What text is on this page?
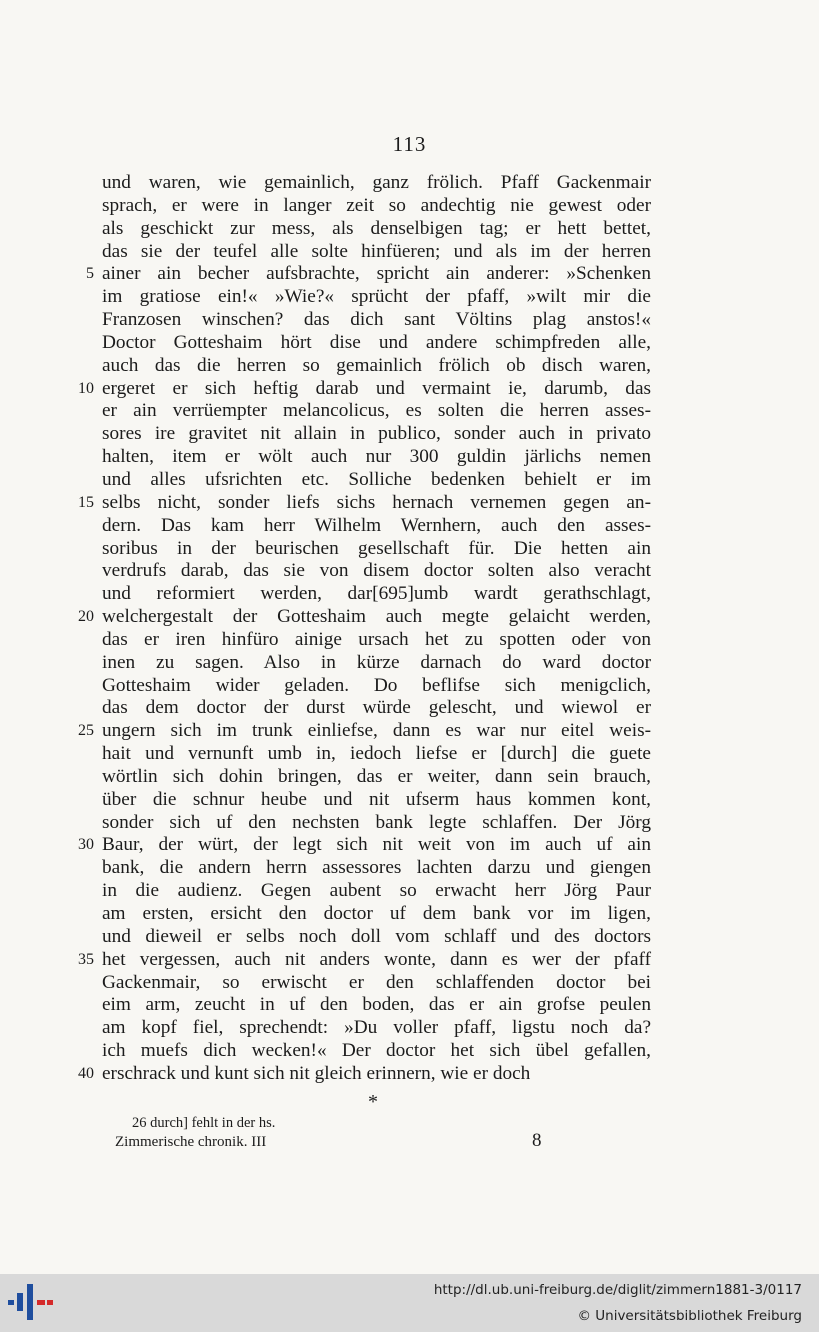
113
und waren, wie gemainlich, ganz frölich. Pfaff Gackenmair
sprach, er were in langer zeit so andechtig nie gewest oder
als geschickt zur mess, als denselbigen tag; er hett bettet,
das sie der teufel alle solte hinfüeren; und als im der herren
5 ainer ain becher aufsbrachte, spricht ain anderer: »Schenken
im gratiose ein!« »Wie?« sprücht der pfaff, »wilt mir die
Franzosen winschen? das dich sant Völtins plag anstos!«
Doctor Gotteshaim hört dise und andere schimpfreden alle,
auch das die herren so gemainlich frölich ob disch waren,
10 ergeret er sich heftig darab und vermaint ie, darumb, das
er ain verrüempter melancolicus, es solten die herren asses-
sores ire gravitet nit allain in publico, sonder auch in privato
halten, item er wölt auch nur 300 guldin järlichs nemen
und alles ufsrichten etc. Solliche bedenken behielt er im
15 selbs nicht, sonder liefs sichs hernach vernemen gegen an-
dern. Das kam herr Wilhelm Wernhern, auch den asses-
soribus in der beurischen gesellschaft für. Die hetten ain
verdrufs darab, das sie von disem doctor solten also veracht
und reformiert werden, dar[695]umb wardt gerathschlagt,
20 welchergestalt der Gotteshaim auch megte gelaicht werden,
das er iren hinfüro ainige ursach het zu spotten oder von
inen zu sagen. Also in kürze darnach do ward doctor
Gotteshaim wider geladen. Do beflifse sich menigclich,
das dem doctor der durst würde gelescht, und wiewol er
25 ungern sich im trunk einliefse, dann es war nur eitel weis-
hait und vernunft umb in, iedoch liefse er [durch] die guete
wörtlin sich dohin bringen, das er weiter, dann sein brauch,
über die schnur heube und nit ufserm haus kommen kont,
sonder sich uf den nechsten bank legte schlaffen. Der Jörg
30 Baur, der würt, der legt sich nit weit von im auch uf ain
bank, die andern herrn assessores lachten darzu und giengen
in die audienz. Gegen aubent so erwacht herr Jörg Paur
am ersten, ersicht den doctor uf dem bank vor im ligen,
und dieweil er selbs noch doll vom schlaff und des doctors
35 het vergessen, auch nit anders wonte, dann es wer der pfaff
Gackenmair, so erwischt er den schlaffenden doctor bei
eim arm, zeucht in uf den boden, das er ain grofse peulen
am kopf fiel, sprechendt: »Du voller pfaff, ligstu noch da?
ich muefs dich wecken!« Der doctor het sich übel gefallen,
40 erschrack und kunt sich nit gleich erinnern, wie er doch
*
26 durch] fehlt in der hs.
Zimmerische chronik. III	8
http://dl.ub.uni-freiburg.de/diglit/zimmern1881-3/0117
© Universitätsbibliothek Freiburg
